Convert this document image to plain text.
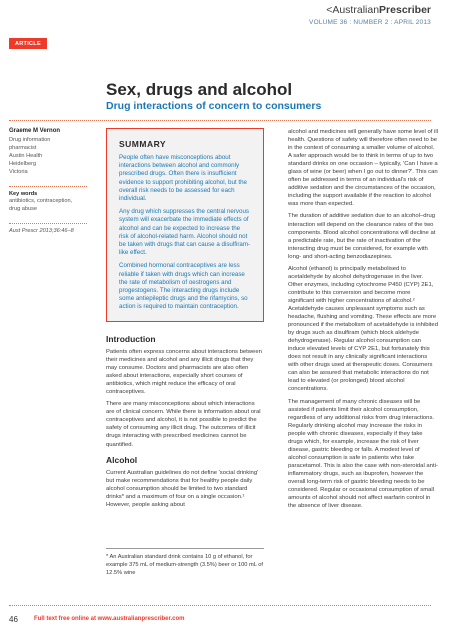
<AustralianPrescriber
VOLUME 36 : NUMBER 2 : APRIL 2013
ARTICLE
Sex, drugs and alcohol
Drug interactions of concern to consumers
Graeme M Vernon
Drug information
pharmacist
Austin Health
Heidelberg
Victoria
Key words
antibiotics, contraception,
drug abuse
Aust Prescr 2013;36:46–8
SUMMARY

People often have misconceptions about interactions between alcohol and commonly prescribed drugs. Often there is insufficient evidence to support prohibiting alcohol, but the overall risk needs to be assessed for each individual.

Any drug which suppresses the central nervous system will exacerbate the immediate effects of alcohol and can be expected to increase the risk of alcohol-related harm. Alcohol should not be taken with drugs that can cause a disulfiram-like effect.

Combined hormonal contraceptives are less reliable if taken with drugs which can increase the rate of metabolism of oestrogens and progestogens. The interacting drugs include some antiepileptic drugs and the rifamycins, so action is required to maintain contraception.

Introduction

Patients often express concerns about interactions between their medicines and alcohol and any illicit drugs that they may consume. Doctors and pharmacists are also often asked about interactions, especially short courses of antibiotics, which might reduce the efficacy of oral contraceptives.

There are many misconceptions about which interactions are of clinical concern. While there is information about oral contraceptives and alcohol, it is not possible to predict the safety of consuming any illicit drug. The outcomes of illicit drugs interacting with prescribed medicines cannot be quantified.

Alcohol

Current Australian guidelines do not define 'social drinking' but make recommendations that for healthy people daily alcohol consumption should be limited to two standard drinks* and a maximum of four on a single occasion.¹ However, people asking about

* An Australian standard drink contains 10 g of ethanol, for example 375 mL of medium-strength (3.5%) beer or 100 mL of 12.5% wine

alcohol and medicines will generally have some level of ill health. Questions of safety will therefore often need to be in the context of consuming a smaller volume of alcohol. A safer approach would be to think in terms of up to two standard drinks on one occasion – typically, 'Can I have a glass of wine (or beer) when I go out to dinner?'. This can often be addressed in terms of an individual's risk of additive sedation and the circumstances of the occasion, including the support available if the reaction to alcohol was more than expected.

The duration of additive sedation due to an alcohol–drug interaction will depend on the clearance rates of the two components. Blood alcohol concentrations will decline at a predictable rate, but the rate of inactivation of the interacting drug must be considered, for example with long- and short-acting benzodiazepines.

Alcohol (ethanol) is principally metabolised to acetaldehyde by alcohol dehydrogenase in the liver. Other enzymes, including cytochrome P450 (CYP) 2E1, contribute to this conversion and become more significant with higher concentrations of alcohol.² Acetaldehyde causes unpleasant symptoms such as headache, flushing and vomiting. These effects are more pronounced if the metabolism of acetaldehyde is inhibited by drugs such as disulfiram (which block aldehyde dehydrogenase). Regular alcohol consumption can induce elevated levels of CYP 2E1, but fortunately this does not result in any clinically significant interactions with other drugs used at therapeutic doses. Consumers can also be assured that metabolic interactions do not lead to elevated (or prolonged) blood alcohol concentrations.

The management of many chronic diseases will be assisted if patients limit their alcohol consumption, regardless of any additional risks from drug interactions. Regularly drinking alcohol may increase the risks in people with chronic diseases, especially if they take drugs which, for example, increase the risk of liver disease, gastric bleeding or falls. A modest level of alcohol consumption is safe in patients who take paracetamol. This is also the case with non-steroidal anti-inflammatory drugs, such as ibuprofen, however the overall long-term risk of gastric bleeding needs to be considered. Regular or occasional consumption of small amounts of alcohol should not affect warfarin control in the absence of liver disease.

46	Full text free online at www.australianprescriber.com
